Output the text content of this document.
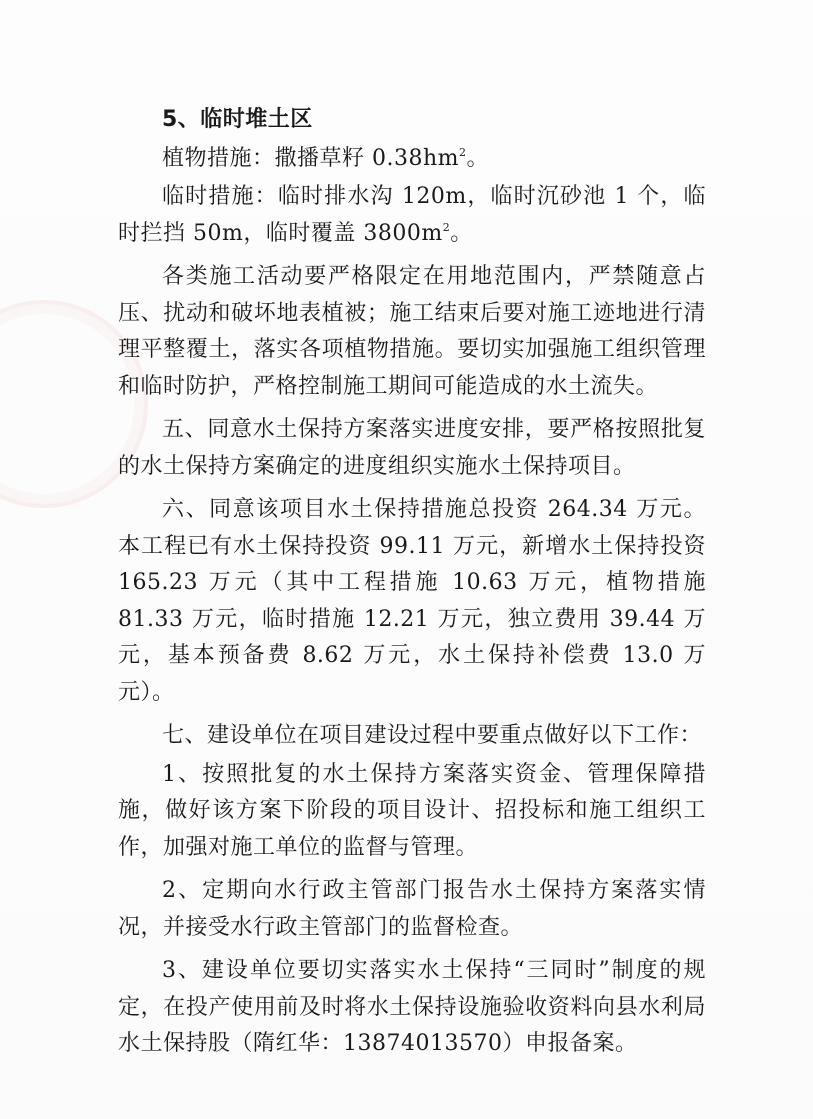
5、临时堆土区

植物措施：撒播草籽 $0.38hm^2$。

临时措施：临时排水沟 120m，临时沉砂池 1 个，临时拦挡 50m，临时覆盖 $3800m^2$。

各类施工活动要严格限定在用地范围内，严禁随意占压、扰动和破坏地表植被；施工结束后要对施工迹地进行清理平整覆土，落实各项植物措施。要切实加强施工组织管理和临时防护，严格控制施工期间可能造成的水土流失。

五、同意水土保持方案落实进度安排，要严格按照批复的水土保持方案确定的进度组织实施水土保持项目。

六、同意该项目水土保持措施总投资 264.34 万元。本工程已有水土保持投资 99.11 万元，新增水土保持投资 165.23 万元（其中工程措施 10.63 万元，植物措施 81.33 万元，临时措施 12.21 万元，独立费用 39.44 万元，基本预备费 8.62 万元，水土保持补偿费 13.0 万元）。

七、建设单位在项目建设过程中要重点做好以下工作：

1、按照批复的水土保持方案落实资金、管理保障措施，做好该方案下阶段的项目设计、招投标和施工组织工作，加强对施工单位的监督与管理。

2、定期向水行政主管部门报告水土保持方案落实情况，并接受水行政主管部门的监督检查。

3、建设单位要切实落实水土保持“三同时”制度的规定，在投产使用前及时将水土保持设施验收资料向县水利局水土保持股（隋红华：13874013570）申报备案。
